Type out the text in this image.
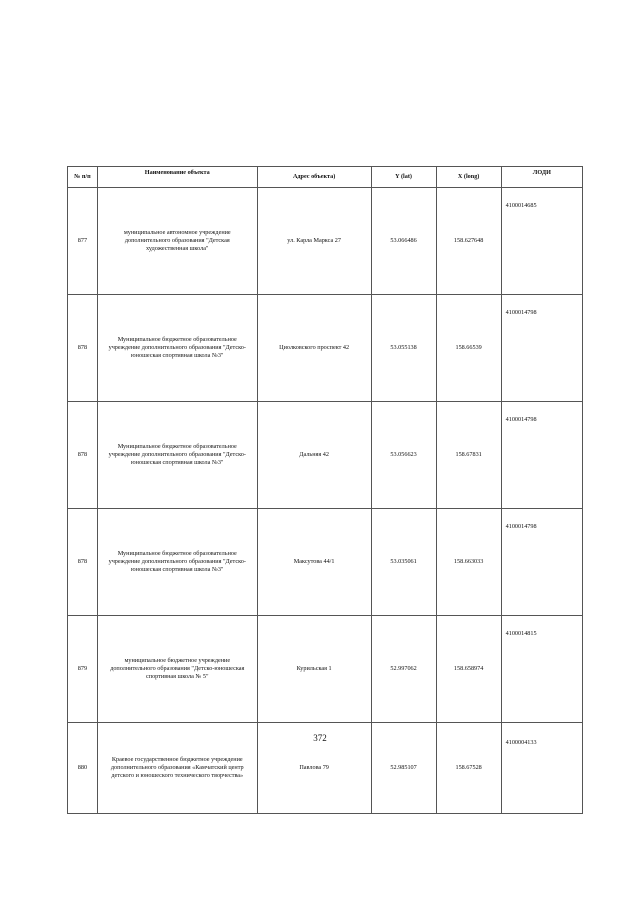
№ п/п	Наименование объекта	Адрес объекта)	Y (lat)	X (long)	ЛОДИ
877	муниципальное автономное учреждение дополнительного образования "Детская художественная школа"	ул. Карла Маркса 27	53.066486	158.627648	4100014685
878	Муниципальное бюджетное образовательное учреждение дополнительного образования "Детско-юношеская спортивная школа №3"	Циолковского проспект 42	53.055138	158.66539	4100014798
878	Муниципальное бюджетное образовательное учреждение дополнительного образования "Детско-юношеская спортивная школа №3"	Дальняя 42	53.056623	158.67831	4100014798
878	Муниципальное бюджетное образовательное учреждение дополнительного образования "Детско-юношеская спортивная школа №3"	Максутова 44/1	53.035061	158.663033	4100014798
879	муниципальное бюджетное учреждение дополнительного образования "Детско-юношеская спортивная школа № 5"	Курильская 1	52.997062	158.658974	4100014815
880	Краевое государственное бюджетное учреждение дополнительного образования «Камчатский центр детского и юношеского технического творчества»	Павлова 79	52.985107	158.67528	4100004133
372
